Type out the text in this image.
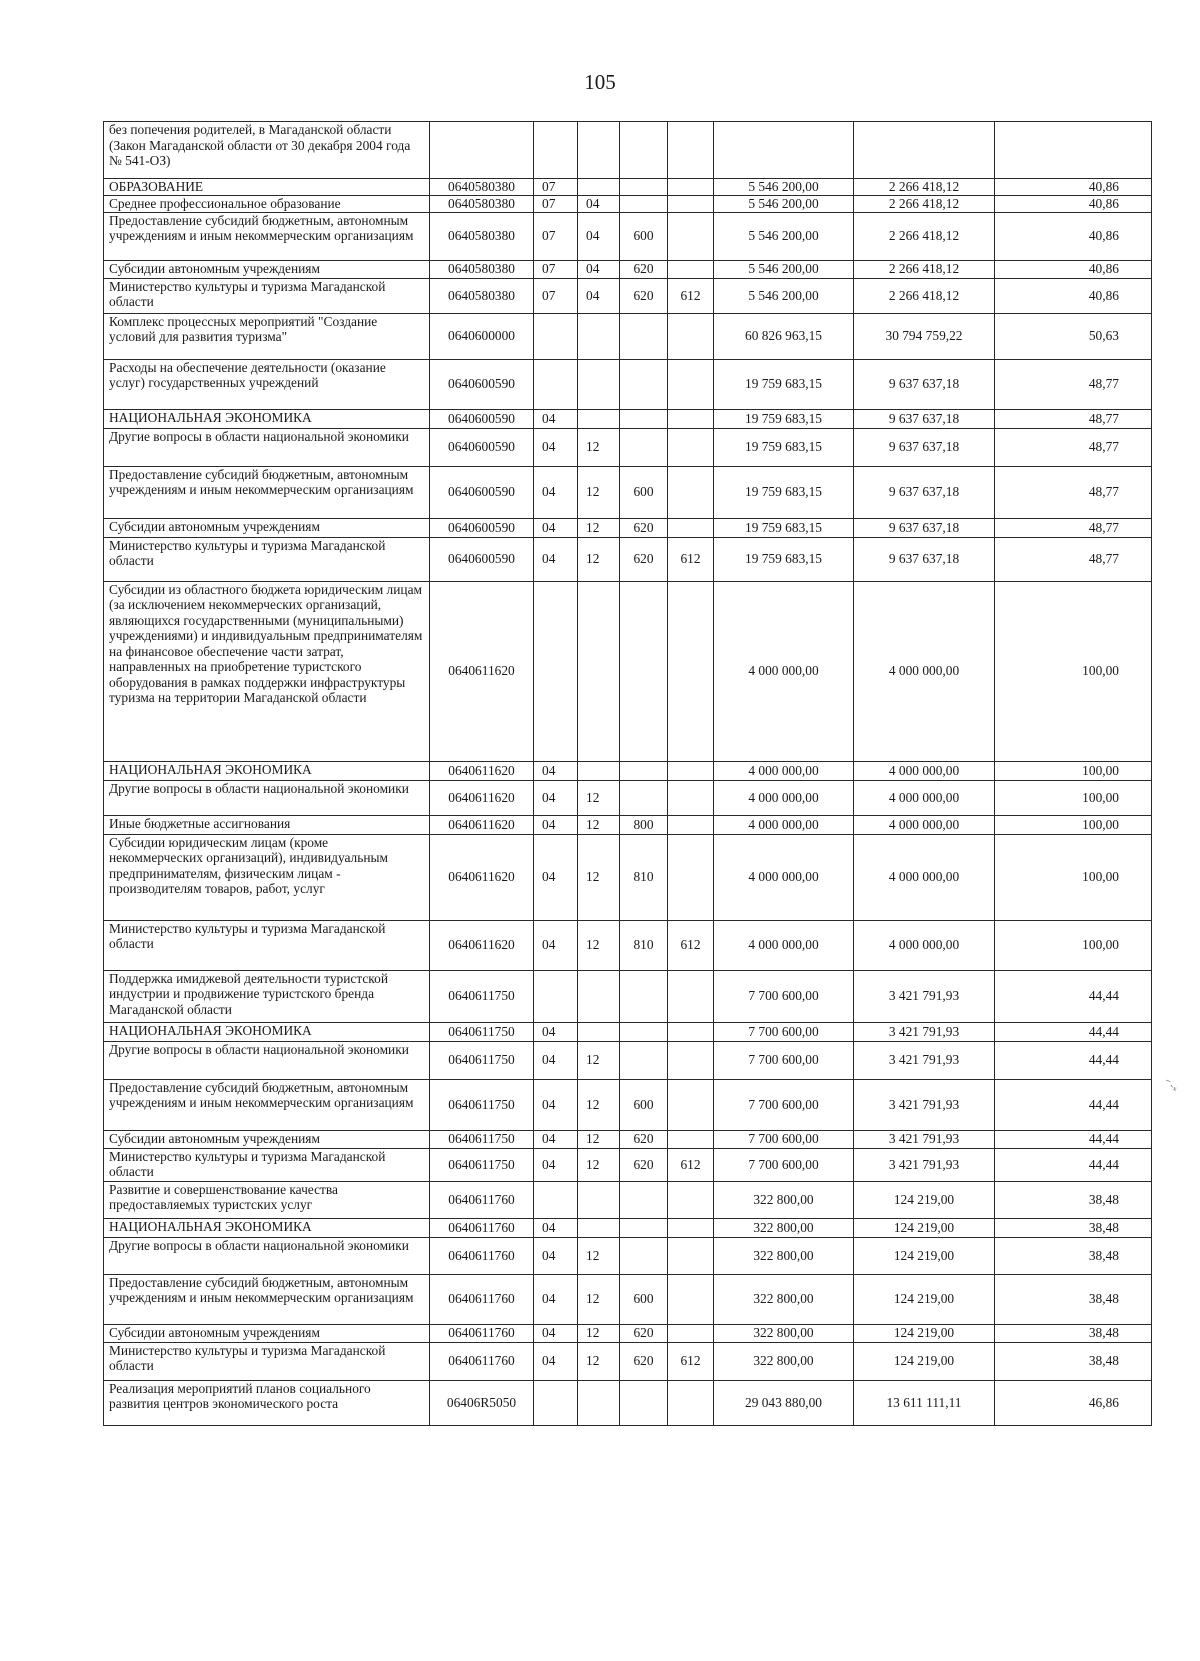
105
без попечения родителей, в Магаданской области (Закон Магаданской области от 30 декабря 2004 года № 541-ОЗ)								
ОБРАЗОВАНИЕ	0640580380	07				5 546 200,00	2 266 418,12	40,86
Среднее профессиональное образование	0640580380	07	04			5 546 200,00	2 266 418,12	40,86
Предоставление субсидий бюджетным, автономным учреждениям и иным некоммерческим организациям	0640580380	07	04	600		5 546 200,00	2 266 418,12	40,86
Субсидии автономным учреждениям	0640580380	07	04	620		5 546 200,00	2 266 418,12	40,86
Министерство культуры и туризма Магаданской области	0640580380	07	04	620	612	5 546 200,00	2 266 418,12	40,86
Комплекс процессных мероприятий "Создание условий для развития туризма"	0640600000					60 826 963,15	30 794 759,22	50,63
Расходы на обеспечение деятельности (оказание услуг) государственных учреждений	0640600590					19 759 683,15	9 637 637,18	48,77
НАЦИОНАЛЬНАЯ ЭКОНОМИКА	0640600590	04				19 759 683,15	9 637 637,18	48,77
Другие вопросы в области национальной экономики	0640600590	04	12			19 759 683,15	9 637 637,18	48,77
Предоставление субсидий бюджетным, автономным учреждениям и иным некоммерческим организациям	0640600590	04	12	600		19 759 683,15	9 637 637,18	48,77
Субсидии автономным учреждениям	0640600590	04	12	620		19 759 683,15	9 637 637,18	48,77
Министерство культуры и туризма Магаданской области	0640600590	04	12	620	612	19 759 683,15	9 637 637,18	48,77
Субсидии из областного бюджета юридическим лицам (за исключением некоммерческих организаций, являющихся государственными (муниципальными) учреждениями) и индивидуальным предпринимателям на финансовое обеспечение части затрат, направленных на приобретение туристского оборудования в рамках поддержки инфраструктуры туризма на территории Магаданской области	0640611620					4 000 000,00	4 000 000,00	100,00
НАЦИОНАЛЬНАЯ ЭКОНОМИКА	0640611620	04				4 000 000,00	4 000 000,00	100,00
Другие вопросы в области национальной экономики	0640611620	04	12			4 000 000,00	4 000 000,00	100,00
Иные бюджетные ассигнования	0640611620	04	12	800		4 000 000,00	4 000 000,00	100,00
Субсидии юридическим лицам (кроме некоммерческих организаций), индивидуальным предпринимателям, физическим лицам - производителям товаров, работ, услуг	0640611620	04	12	810		4 000 000,00	4 000 000,00	100,00
Министерство культуры и туризма Магаданской области	0640611620	04	12	810	612	4 000 000,00	4 000 000,00	100,00
Поддержка имиджевой деятельности туристской индустрии и продвижение туристского бренда Магаданской области	0640611750					7 700 600,00	3 421 791,93	44,44
НАЦИОНАЛЬНАЯ ЭКОНОМИКА	0640611750	04				7 700 600,00	3 421 791,93	44,44
Другие вопросы в области национальной экономики	0640611750	04	12			7 700 600,00	3 421 791,93	44,44
Предоставление субсидий бюджетным, автономным учреждениям и иным некоммерческим организациям	0640611750	04	12	600		7 700 600,00	3 421 791,93	44,44
Субсидии автономным учреждениям	0640611750	04	12	620		7 700 600,00	3 421 791,93	44,44
Министерство культуры и туризма Магаданской области	0640611750	04	12	620	612	7 700 600,00	3 421 791,93	44,44
Развитие и совершенствование качества предоставляемых туристских услуг	0640611760					322 800,00	124 219,00	38,48
НАЦИОНАЛЬНАЯ ЭКОНОМИКА	0640611760	04				322 800,00	124 219,00	38,48
Другие вопросы в области национальной экономики	0640611760	04	12			322 800,00	124 219,00	38,48
Предоставление субсидий бюджетным, автономным учреждениям и иным некоммерческим организациям	0640611760	04	12	600		322 800,00	124 219,00	38,48
Субсидии автономным учреждениям	0640611760	04	12	620		322 800,00	124 219,00	38,48
Министерство культуры и туризма Магаданской области	0640611760	04	12	620	612	322 800,00	124 219,00	38,48
Реализация мероприятий планов социального развития центров экономического роста	06406R5050					29 043 880,00	13 611 111,11	46,86
⁻˴ₓ
